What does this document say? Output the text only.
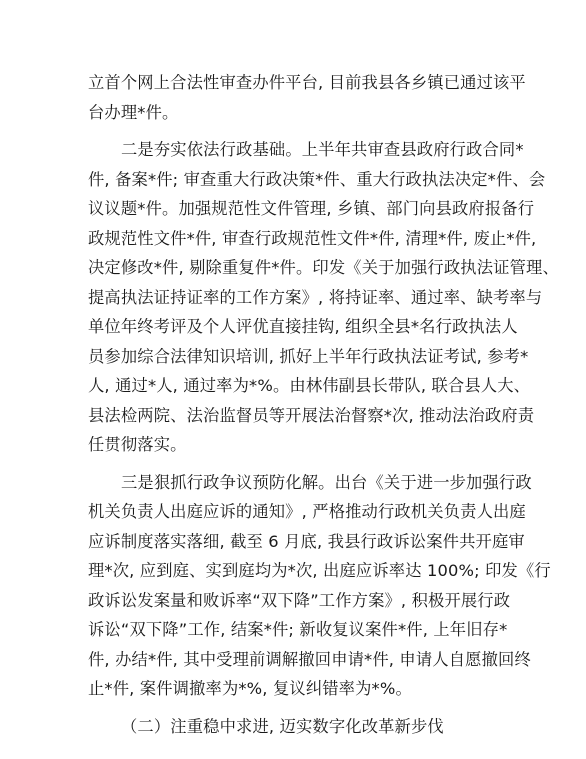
立首个网上合法性审查办件平台, 目前我县各乡镇已通过该平
台办理*件。
二是夯实依法行政基础。上半年共审查县政府行政合同*
件, 备案*件; 审查重大行政决策*件、重大行政执法决定*件、会
议议题*件。加强规范性文件管理, 乡镇、部门向县政府报备行
政规范性文件*件, 审查行政规范性文件*件, 清理*件, 废止*件,
决定修改*件, 剔除重复件*件。印发《关于加强行政执法证管理、
提高执法证持证率的工作方案》, 将持证率、通过率、缺考率与
单位年终考评及个人评优直接挂钩, 组织全县*名行政执法人
员参加综合法律知识培训, 抓好上半年行政执法证考试, 参考*
人, 通过*人, 通过率为*%。由林伟副县长带队, 联合县人大、
县法检两院、法治监督员等开展法治督察*次, 推动法治政府责
任贯彻落实。
三是狠抓行政争议预防化解。出台《关于进一步加强行政
机关负责人出庭应诉的通知》, 严格推动行政机关负责人出庭
应诉制度落实落细, 截至 6 月底, 我县行政诉讼案件共开庭审
理*次, 应到庭、实到庭均为*次, 出庭应诉率达 100%; 印发《行
政诉讼发案量和败诉率“双下降”工作方案》, 积极开展行政
诉讼“双下降”工作, 结案*件; 新收复议案件*件, 上年旧存*
件, 办结*件, 其中受理前调解撤回申请*件, 申请人自愿撤回终
止*件, 案件调撤率为*%, 复议纠错率为*%。
（二）注重稳中求进, 迈实数字化改革新步伐
